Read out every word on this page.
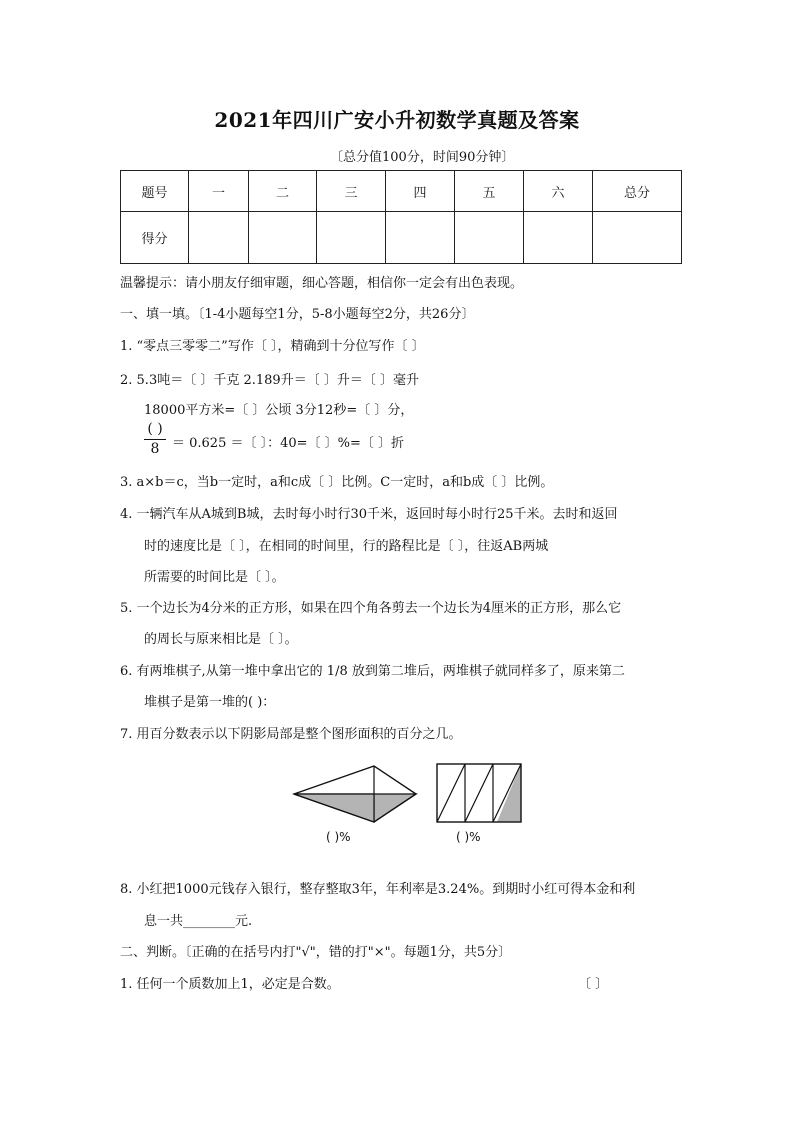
2021年四川广安小升初数学真题及答案
〔总分值100分，时间90分钟〕
题号	一	二	三	四	五	六	总分
得分							
温馨提示：请小朋友仔细审题，细心答题，相信你一定会有出色表现。
一、填一填。〔1-4小题每空1分，5-8小题每空2分，共26分〕
1. “零点三零零二”写作〔 〕，精确到十分位写作〔 〕
2. 5.3吨＝〔 〕千克 2.189升＝〔 〕升＝〔 〕毫升
18000平方米=〔 〕公顷 3分12秒=〔 〕分，
( )
8 ＝ 0.625 ＝〔 〕：40=〔 〕%=〔 〕折
3. a×b＝c，当b一定时，a和c成〔 〕比例。C一定时，a和b成〔 〕比例。
4. 一辆汽车从A城到B城，去时每小时行30千米，返回时每小时行25千米。去时和返回
时的速度比是〔 〕，在相同的时间里，行的路程比是〔 〕，往返AB两城
所需要的时间比是〔 〕。
5. 一个边长为4分米的正方形，如果在四个角各剪去一个边长为4厘米的正方形，那么它
的周长与原来相比是〔 〕。
6. 有两堆棋子,从第一堆中拿出它的 1/8 放到第二堆后，两堆棋子就同样多了，原来第二
堆棋子是第一堆的( )：
7. 用百分数表示以下阴影局部是整个图形面积的百分之几。
( )%	( )%
8. 小红把1000元钱存入银行，整存整取3年，年利率是3.24%。到期时小红可得本金和利
息一共________元.
二、判断。〔正确的在括号内打"√"，错的打"×"。每题1分，共5分〕
1. 任何一个质数加上1，必定是合数。	〔 〕
